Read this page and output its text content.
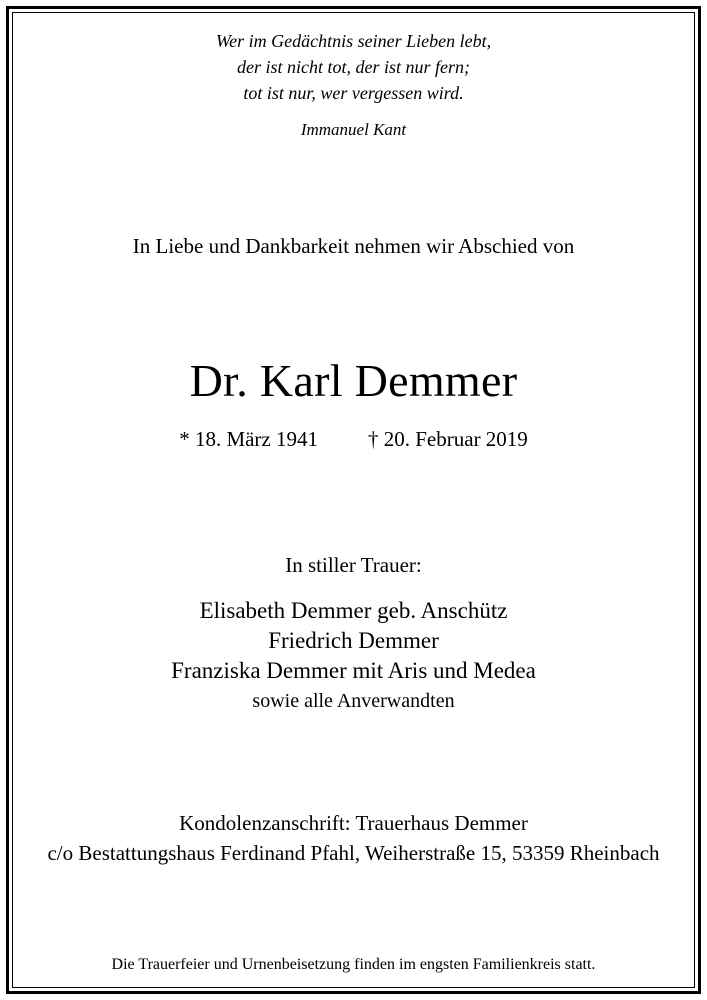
Wer im Gedächtnis seiner Lieben lebt,
der ist nicht tot, der ist nur fern;
tot ist nur, wer vergessen wird.
Immanuel Kant
In Liebe und Dankbarkeit nehmen wir Abschied von
Dr. Karl Demmer
* 18. März 1941 † 20. Februar 2019
In stiller Trauer:
Elisabeth Demmer geb. Anschütz
Friedrich Demmer
Franziska Demmer mit Aris und Medea
sowie alle Anverwandten
Kondolenzanschrift: Trauerhaus Demmer
c/o Bestattungshaus Ferdinand Pfahl, Weiherstraße 15, 53359 Rheinbach
Die Trauerfeier und Urnenbeisetzung finden im engsten Familienkreis statt.
